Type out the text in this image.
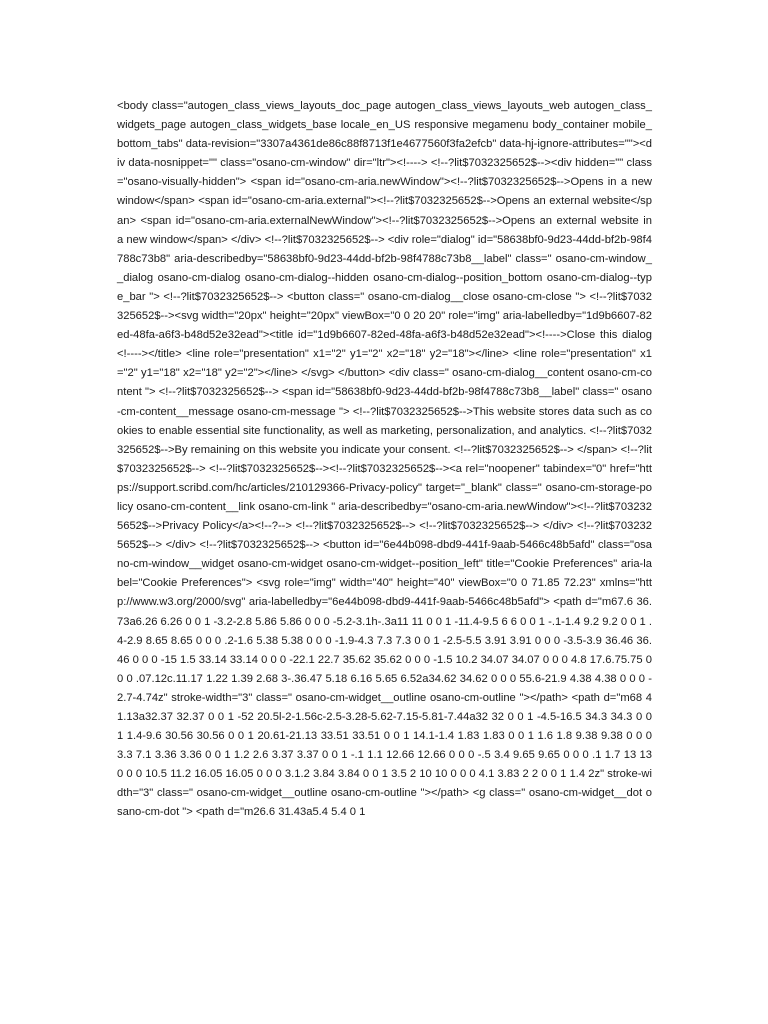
<body class="autogen_class_views_layouts_doc_page autogen_class_views_layouts_web autogen_class_widgets_page autogen_class_widgets_base locale_en_US responsive megamenu body_container mobile_bottom_tabs" data-revision="3307a4361de86c88f8713f1e4677560f3fa2efcb" data-hj-ignore-attributes=""><div data-nosnippet="" class="osano-cm-window" dir="ltr"><!----> <!--?lit$7032325652$--><div hidden="" class="osano-visually-hidden"> <span id="osano-cm-aria.newWindow"><!--?lit$7032325652$-->Opens in a new window</span> <span id="osano-cm-aria.external"><!--?lit$7032325652$-->Opens an external website</span> <span id="osano-cm-aria.externalNewWindow"><!--?lit$7032325652$-->Opens an external website in a new window</span> </div> <!--?lit$7032325652$--> <div role="dialog" id="58638bf0-9d23-44dd-bf2b-98f4788c73b8" aria-describedby="58638bf0-9d23-44dd-bf2b-98f4788c73b8__label" class=" osano-cm-window__dialog osano-cm-dialog osano-cm-dialog--hidden osano-cm-dialog--position_bottom osano-cm-dialog--type_bar "> <!--?lit$7032325652$--> <button class=" osano-cm-dialog__close osano-cm-close "> <!--?lit$7032325652$--><svg width="20px" height="20px" viewBox="0 0 20 20" role="img" aria-labelledby="1d9b6607-82ed-48fa-a6f3-b48d52e32ead"><title id="1d9b6607-82ed-48fa-a6f3-b48d52e32ead"><!---->Close this dialog<!----></title> <line role="presentation" x1="2" y1="2" x2="18" y2="18"></line> <line role="presentation" x1="2" y1="18" x2="18" y2="2"></line> </svg> </button> <div class=" osano-cm-dialog__content osano-cm-content "> <!--?lit$7032325652$--> <span id="58638bf0-9d23-44dd-bf2b-98f4788c73b8__label" class=" osano-cm-content__message osano-cm-message "> <!--?lit$7032325652$-->This website stores data such as cookies to enable essential site functionality, as well as marketing, personalization, and analytics. <!--?lit$7032325652$-->By remaining on this website you indicate your consent. <!--?lit$7032325652$--> </span> <!--?lit$7032325652$--> <!--?lit$7032325652$--><!--?lit$7032325652$--><a rel="noopener" tabindex="0" href="https://support.scribd.com/hc/articles/210129366-Privacy-policy" target="_blank" class=" osano-cm-storage-policy osano-cm-content__link osano-cm-link " aria-describedby="osano-cm-aria.newWindow"><!--?lit$7032325652$-->Privacy Policy</a><!--?--> <!--?lit$7032325652$--> <!--?lit$7032325652$--> </div> <!--?lit$7032325652$--> </div> <!--?lit$7032325652$--> <button id="6e44b098-dbd9-441f-9aab-5466c48b5afd" class="osano-cm-window__widget osano-cm-widget osano-cm-widget--position_left" title="Cookie Preferences" aria-label="Cookie Preferences"> <svg role="img" width="40" height="40" viewBox="0 0 71.85 72.23" xmlns="http://www.w3.org/2000/svg" aria-labelledby="6e44b098-dbd9-441f-9aab-5466c48b5afd"> <path d="m67.6 36.73a6.26 6.26 0 0 1 -3.2-2.8 5.86 5.86 0 0 0 -5.2-3.1h-.3a11 11 0 0 1 -11.4-9.5 6 6 0 0 1 -.1-1.4 9.2 9.2 0 0 1 .4-2.9 8.65 8.65 0 0 0 .2-1.6 5.38 5.38 0 0 0 -1.9-4.3 7.3 7.3 0 0 1 -2.5-5.5 3.91 3.91 0 0 0 -3.5-3.9 36.46 36.46 0 0 0 -15 1.5 33.14 33.14 0 0 0 -22.1 22.7 35.62 35.62 0 0 0 -1.5 10.2 34.07 34.07 0 0 0 4.8 17.6.75.75 0 0 0 .07.12c.11.17 1.22 1.39 2.68 3-.36.47 5.18 6.16 5.65 6.52a34.62 34.62 0 0 0 55.6-21.9 4.38 4.38 0 0 0 -2.7-4.74z" stroke-width="3" class=" osano-cm-widget__outline osano-cm-outline "></path> <path d="m68 41.13a32.37 32.37 0 0 1 -52 20.5l-2-1.56c-2.5-3.28-5.62-7.15-5.81-7.44a32 32 0 0 1 -4.5-16.5 34.3 34.3 0 0 1 1.4-9.6 30.56 30.56 0 0 1 20.61-21.13 33.51 33.51 0 0 1 14.1-1.4 1.83 1.83 0 0 1 1.6 1.8 9.38 9.38 0 0 0 3.3 7.1 3.36 3.36 0 0 1 1.2 2.6 3.37 3.37 0 0 1 -.1 1.1 12.66 12.66 0 0 0 -.5 3.4 9.65 9.65 0 0 0 .1 1.7 13 13 0 0 0 10.5 11.2 16.05 16.05 0 0 0 3.1.2 3.84 3.84 0 0 1 3.5 2 10 10 0 0 0 4.1 3.83 2 2 0 0 1 1.4 2z" stroke-width="3" class=" osano-cm-widget__outline osano-cm-outline "></path> <g class=" osano-cm-widget__dot osano-cm-dot "> <path d="m26.6 31.43a5.4 5.4 0 1
